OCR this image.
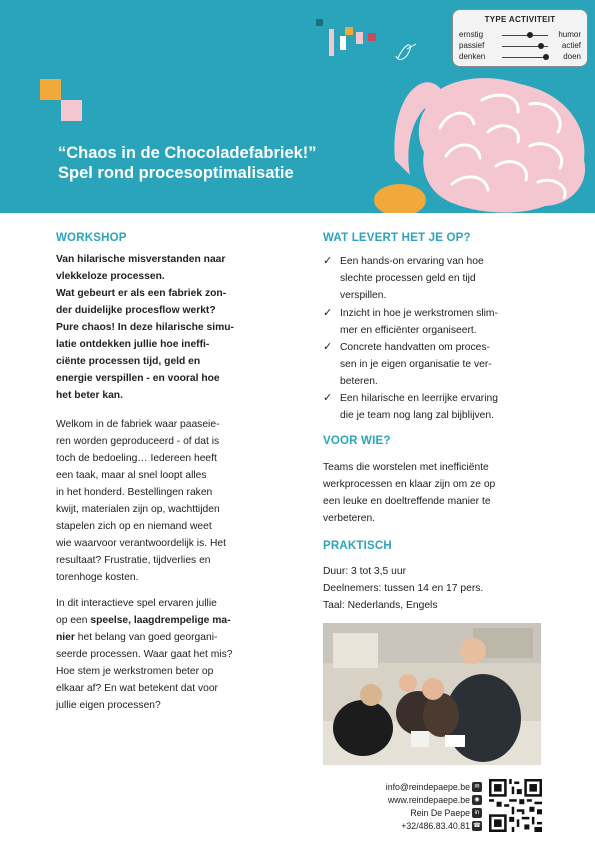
“Chaos in de Chocoladefabriek!”
Spel rond procesoptimalisatie
TYPE ACTIVITEIT
ernstig	humor
passief	actief
denken	doen
WORKSHOP
Van hilarische misverstanden naar
vlekkeloze processen.
Wat gebeurt er als een fabriek zon-
der duidelijke procesflow werkt?
Pure chaos! In deze hilarische simu-
latie ontdekken jullie hoe ineffi-
ciënte processen tijd, geld en
energie verspillen - en vooral hoe
het beter kan.
Welkom in de fabriek waar paaseie-
ren worden geproduceerd - of dat is
toch de bedoeling… Iedereen heeft
een taak, maar al snel loopt alles
in het honderd. Bestellingen raken
kwijt, materialen zijn op, wachttijden
stapelen zich op en niemand weet
wie waarvoor verantwoordelijk is. Het
resultaat? Frustratie, tijdverlies en
torenhoge kosten.
In dit interactieve spel ervaren jullie
op een speelse, laagdrempelige ma-
nier het belang van goed georgani-
seerde processen. Waar gaat het mis?
Hoe stem je werkstromen beter op
elkaar af? En wat betekent dat voor
jullie eigen processen?
WAT LEVERT HET JE OP?
✓ Een hands-on ervaring van hoe
slechte processen geld en tijd
verspillen.
✓ Inzicht in hoe je werkstromen slim-
mer en efficiënter organiseert.
✓ Concrete handvatten om proces-
sen in je eigen organisatie te ver-
beteren.
✓ Een hilarische en leerrijke ervaring
die je team nog lang zal bijblijven.
VOOR WIE?
Teams die worstelen met inefficiënte
werkprocessen en klaar zijn om ze op
een leuke en doeltreffende manier te
verbeteren.
PRAKTISCH
Duur: 3 tot 3,5 uur
Deelnemers: tussen 14 en 17 pers.
Taal: Nederlands, Engels
info@reindepaepe.be
www.reindepaepe.be
Rein De Paepe
+32/486.83.40.81
✉
◉
in
☎
